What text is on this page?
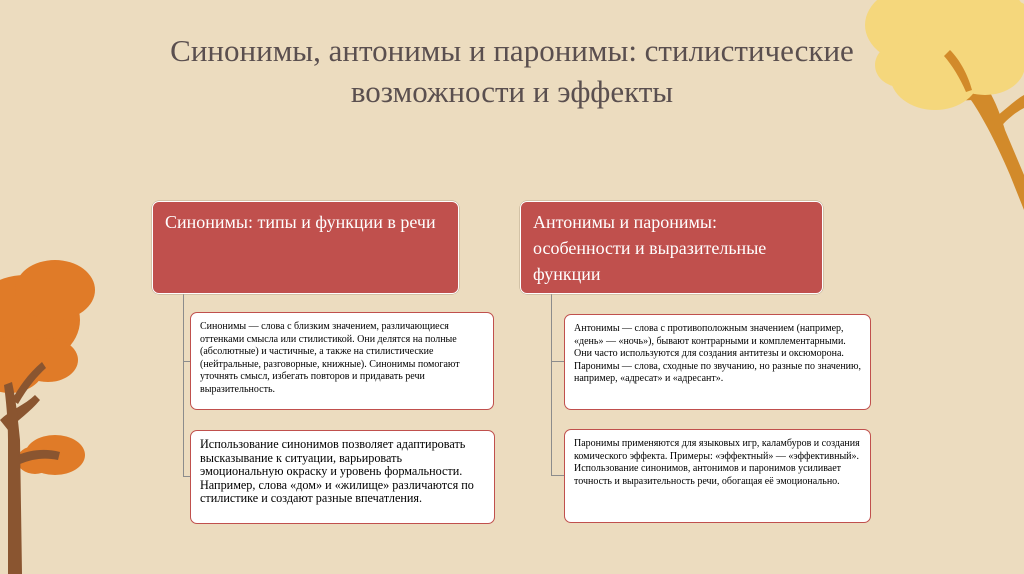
Синонимы, антонимы и паронимы: стилистические
возможности и эффекты
Синонимы: типы и функции в речи
Синонимы — слова с близким значением, различающиеся оттенками смысла или стилистикой. Они делятся на полные (абсолютные) и частичные, а также на стилистические (нейтральные, разговорные, книжные). Синонимы помогают уточнять смысл, избегать повторов и придавать речи выразительность.
Использование синонимов позволяет адаптировать высказывание к ситуации, варьировать эмоциональную окраску и уровень формальности. Например, слова «дом» и «жилище» различаются по стилистике и создают разные впечатления.
Антонимы и паронимы: особенности и выразительные функции
Антонимы — слова с противоположным значением (например, «день» — «ночь»), бывают контрарными и комплементарными. Они часто используются для создания антитезы и оксюморона. Паронимы — слова, сходные по звучанию, но разные по значению, например, «адресат» и «адресант».
Паронимы применяются для языковых игр, каламбуров и создания комического эффекта. Примеры: «эффектный» — «эффективный». Использование синонимов, антонимов и паронимов усиливает точность и выразительность речи, обогащая её эмоционально.
